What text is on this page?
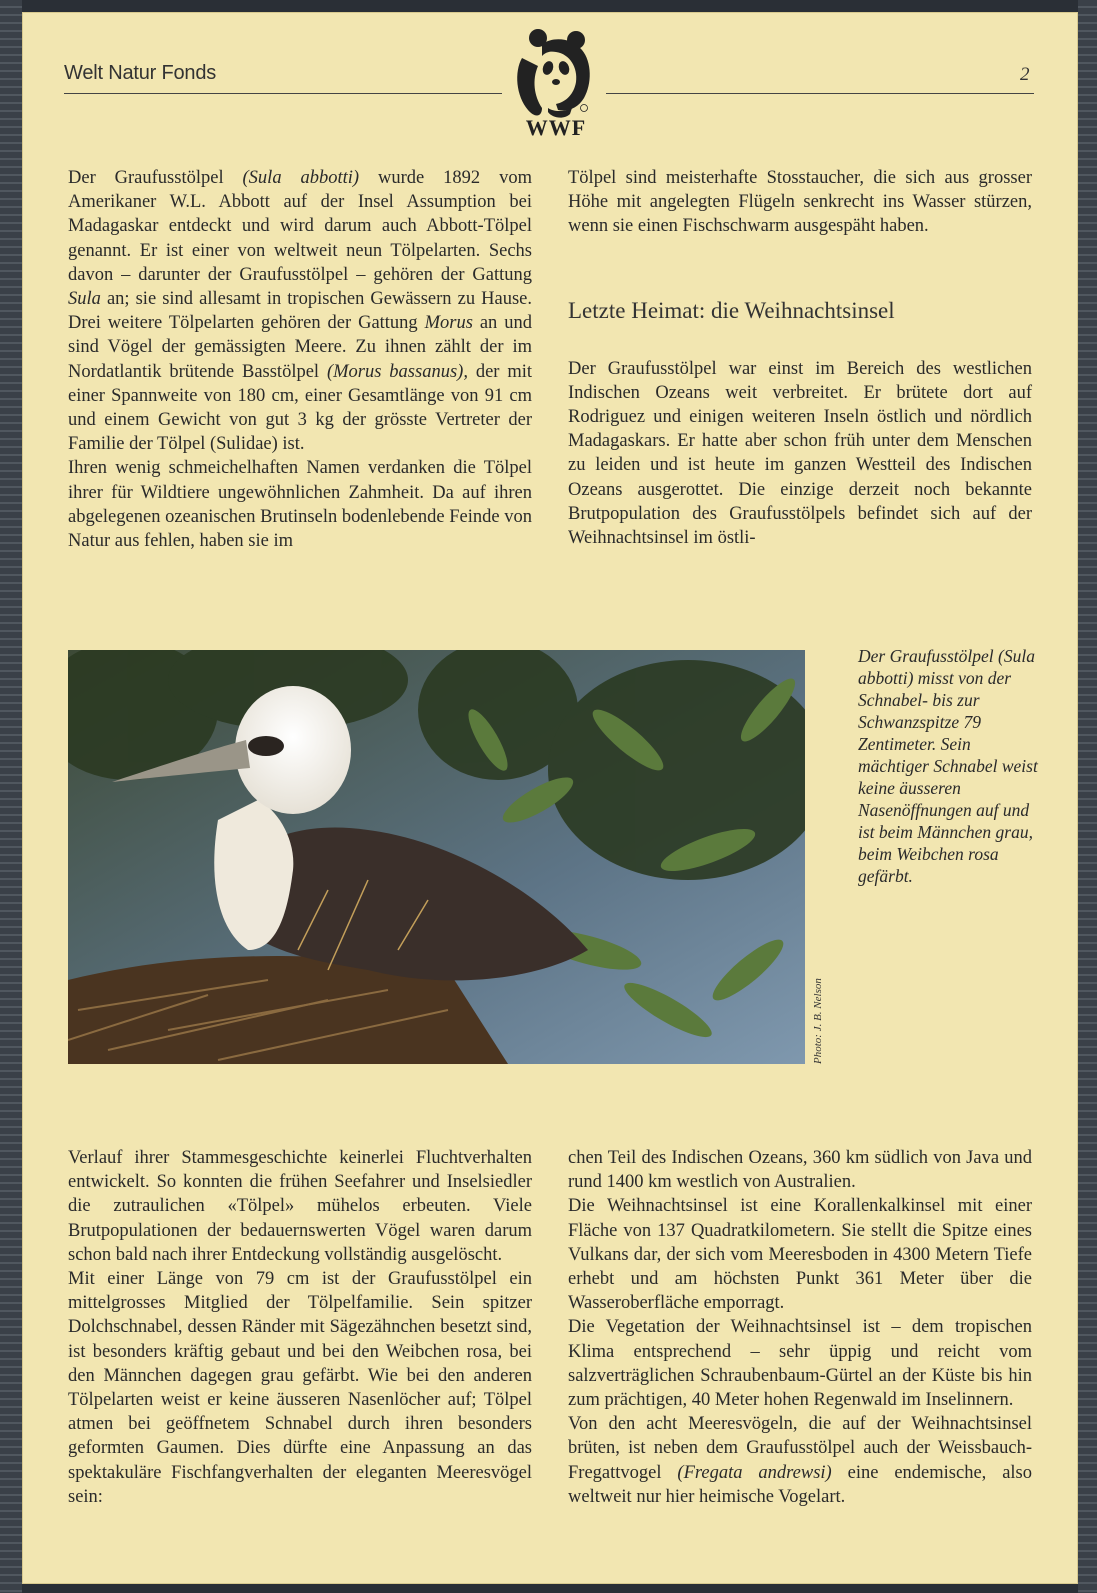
Welt Natur Fonds	2
WWF

Der Graufusstölpel (Sula abbotti) wurde 1892 vom Amerikaner W.L. Abbott auf der Insel Assumption bei Madagaskar entdeckt und wird darum auch Abbott-Tölpel genannt. Er ist einer von weltweit neun Tölpelarten. Sechs davon – darunter der Graufusstölpel – gehören der Gattung Sula an; sie sind allesamt in tropischen Gewässern zu Hause. Drei weitere Tölpelarten gehören der Gattung Morus an und sind Vögel der gemässigten Meere. Zu ihnen zählt der im Nordatlantik brütende Basstölpel (Morus bassanus), der mit einer Spannweite von 180 cm, einer Gesamtlänge von 91 cm und einem Gewicht von gut 3 kg der grösste Vertreter der Familie der Tölpel (Sulidae) ist.

Ihren wenig schmeichelhaften Namen verdanken die Tölpel ihrer für Wildtiere ungewöhnlichen Zahmheit. Da auf ihren abgelegenen ozeanischen Brutinseln bodenlebende Feinde von Natur aus fehlen, haben sie im

Tölpel sind meisterhafte Stosstaucher, die sich aus grosser Höhe mit angelegten Flügeln senkrecht ins Wasser stürzen, wenn sie einen Fischschwarm ausgespäht haben.

Letzte Heimat: die Weihnachtsinsel

Der Graufusstölpel war einst im Bereich des westlichen Indischen Ozeans weit verbreitet. Er brütete dort auf Rodriguez und einigen weiteren Inseln östlich und nördlich Madagaskars. Er hatte aber schon früh unter dem Menschen zu leiden und ist heute im ganzen Westteil des Indischen Ozeans ausgerottet. Die einzige derzeit noch bekannte Brutpopulation des Graufusstölpels befindet sich auf der Weihnachtsinsel im östli-

Photo: J. B. Nelson
Der Graufusstölpel (Sula abbotti) misst von der Schnabel- bis zur Schwanzspitze 79 Zentimeter. Sein mächtiger Schnabel weist keine äusseren Nasenöffnungen auf und ist beim Männchen grau, beim Weibchen rosa gefärbt.

Verlauf ihrer Stammesgeschichte keinerlei Fluchtverhalten entwickelt. So konnten die frühen Seefahrer und Inselsiedler die zutraulichen «Tölpel» mühelos erbeuten. Viele Brutpopulationen der bedauernswerten Vögel waren darum schon bald nach ihrer Entdeckung vollständig ausgelöscht.

Mit einer Länge von 79 cm ist der Graufusstölpel ein mittelgrosses Mitglied der Tölpelfamilie. Sein spitzer Dolchschnabel, dessen Ränder mit Sägezähnchen besetzt sind, ist besonders kräftig gebaut und bei den Weibchen rosa, bei den Männchen dagegen grau gefärbt. Wie bei den anderen Tölpelarten weist er keine äusseren Nasenlöcher auf; Tölpel atmen bei geöffnetem Schnabel durch ihren besonders geformten Gaumen. Dies dürfte eine Anpassung an das spektakuläre Fischfangverhalten der eleganten Meeresvögel sein:

chen Teil des Indischen Ozeans, 360 km südlich von Java und rund 1400 km westlich von Australien.

Die Weihnachtsinsel ist eine Korallenkalkinsel mit einer Fläche von 137 Quadratkilometern. Sie stellt die Spitze eines Vulkans dar, der sich vom Meeresboden in 4300 Metern Tiefe erhebt und am höchsten Punkt 361 Meter über die Wasseroberfläche emporragt.

Die Vegetation der Weihnachtsinsel ist – dem tropischen Klima entsprechend – sehr üppig und reicht vom salzverträglichen Schraubenbaum-Gürtel an der Küste bis hin zum prächtigen, 40 Meter hohen Regenwald im Inselinnern.

Von den acht Meeresvögeln, die auf der Weihnachtsinsel brüten, ist neben dem Graufusstölpel auch der Weissbauch-Fregattvogel (Fregata andrewsi) eine endemische, also weltweit nur hier heimische Vogelart.
